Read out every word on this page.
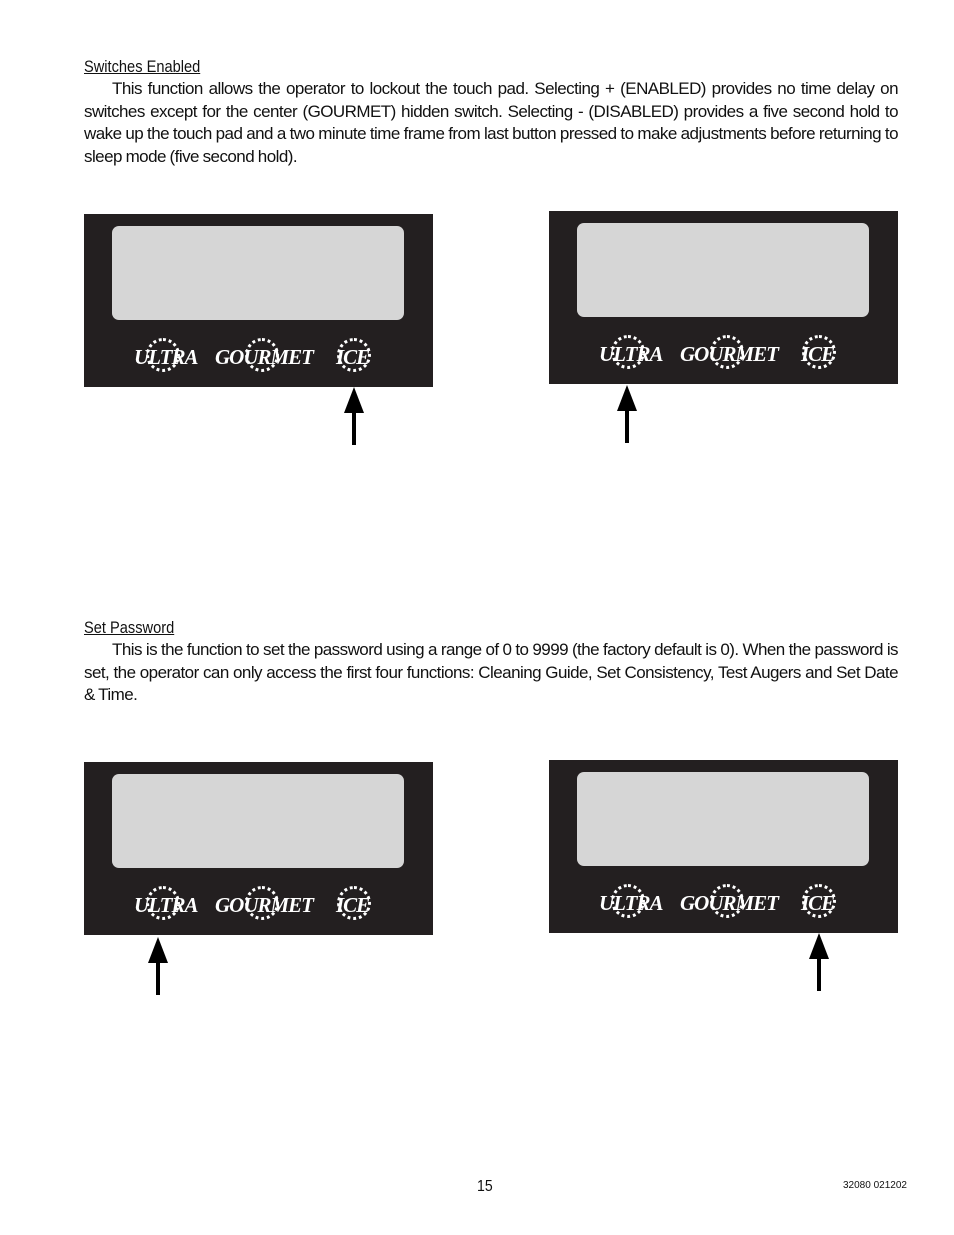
Switches Enabled

This function allows the operator to lockout the touch pad. Selecting + (ENABLED) provides no time delay on switches except for the center (GOURMET) hidden switch. Selecting - (DISABLED) provides a five second hold to wake up the touch pad and a two minute time frame from last button pressed to make adjustments before returning to sleep mode (five second hold).

ULTRA GOURMET ICE	ULTRA GOURMET ICE
Set Password

This is the function to set the password using a range of 0 to 9999 (the factory default is 0). When the password is set, the operator can only access the first four functions: Cleaning Guide, Set Consistency, Test Augers and Set Date & Time.

ULTRA GOURMET ICE	ULTRA GOURMET ICE
15	32080 021202
